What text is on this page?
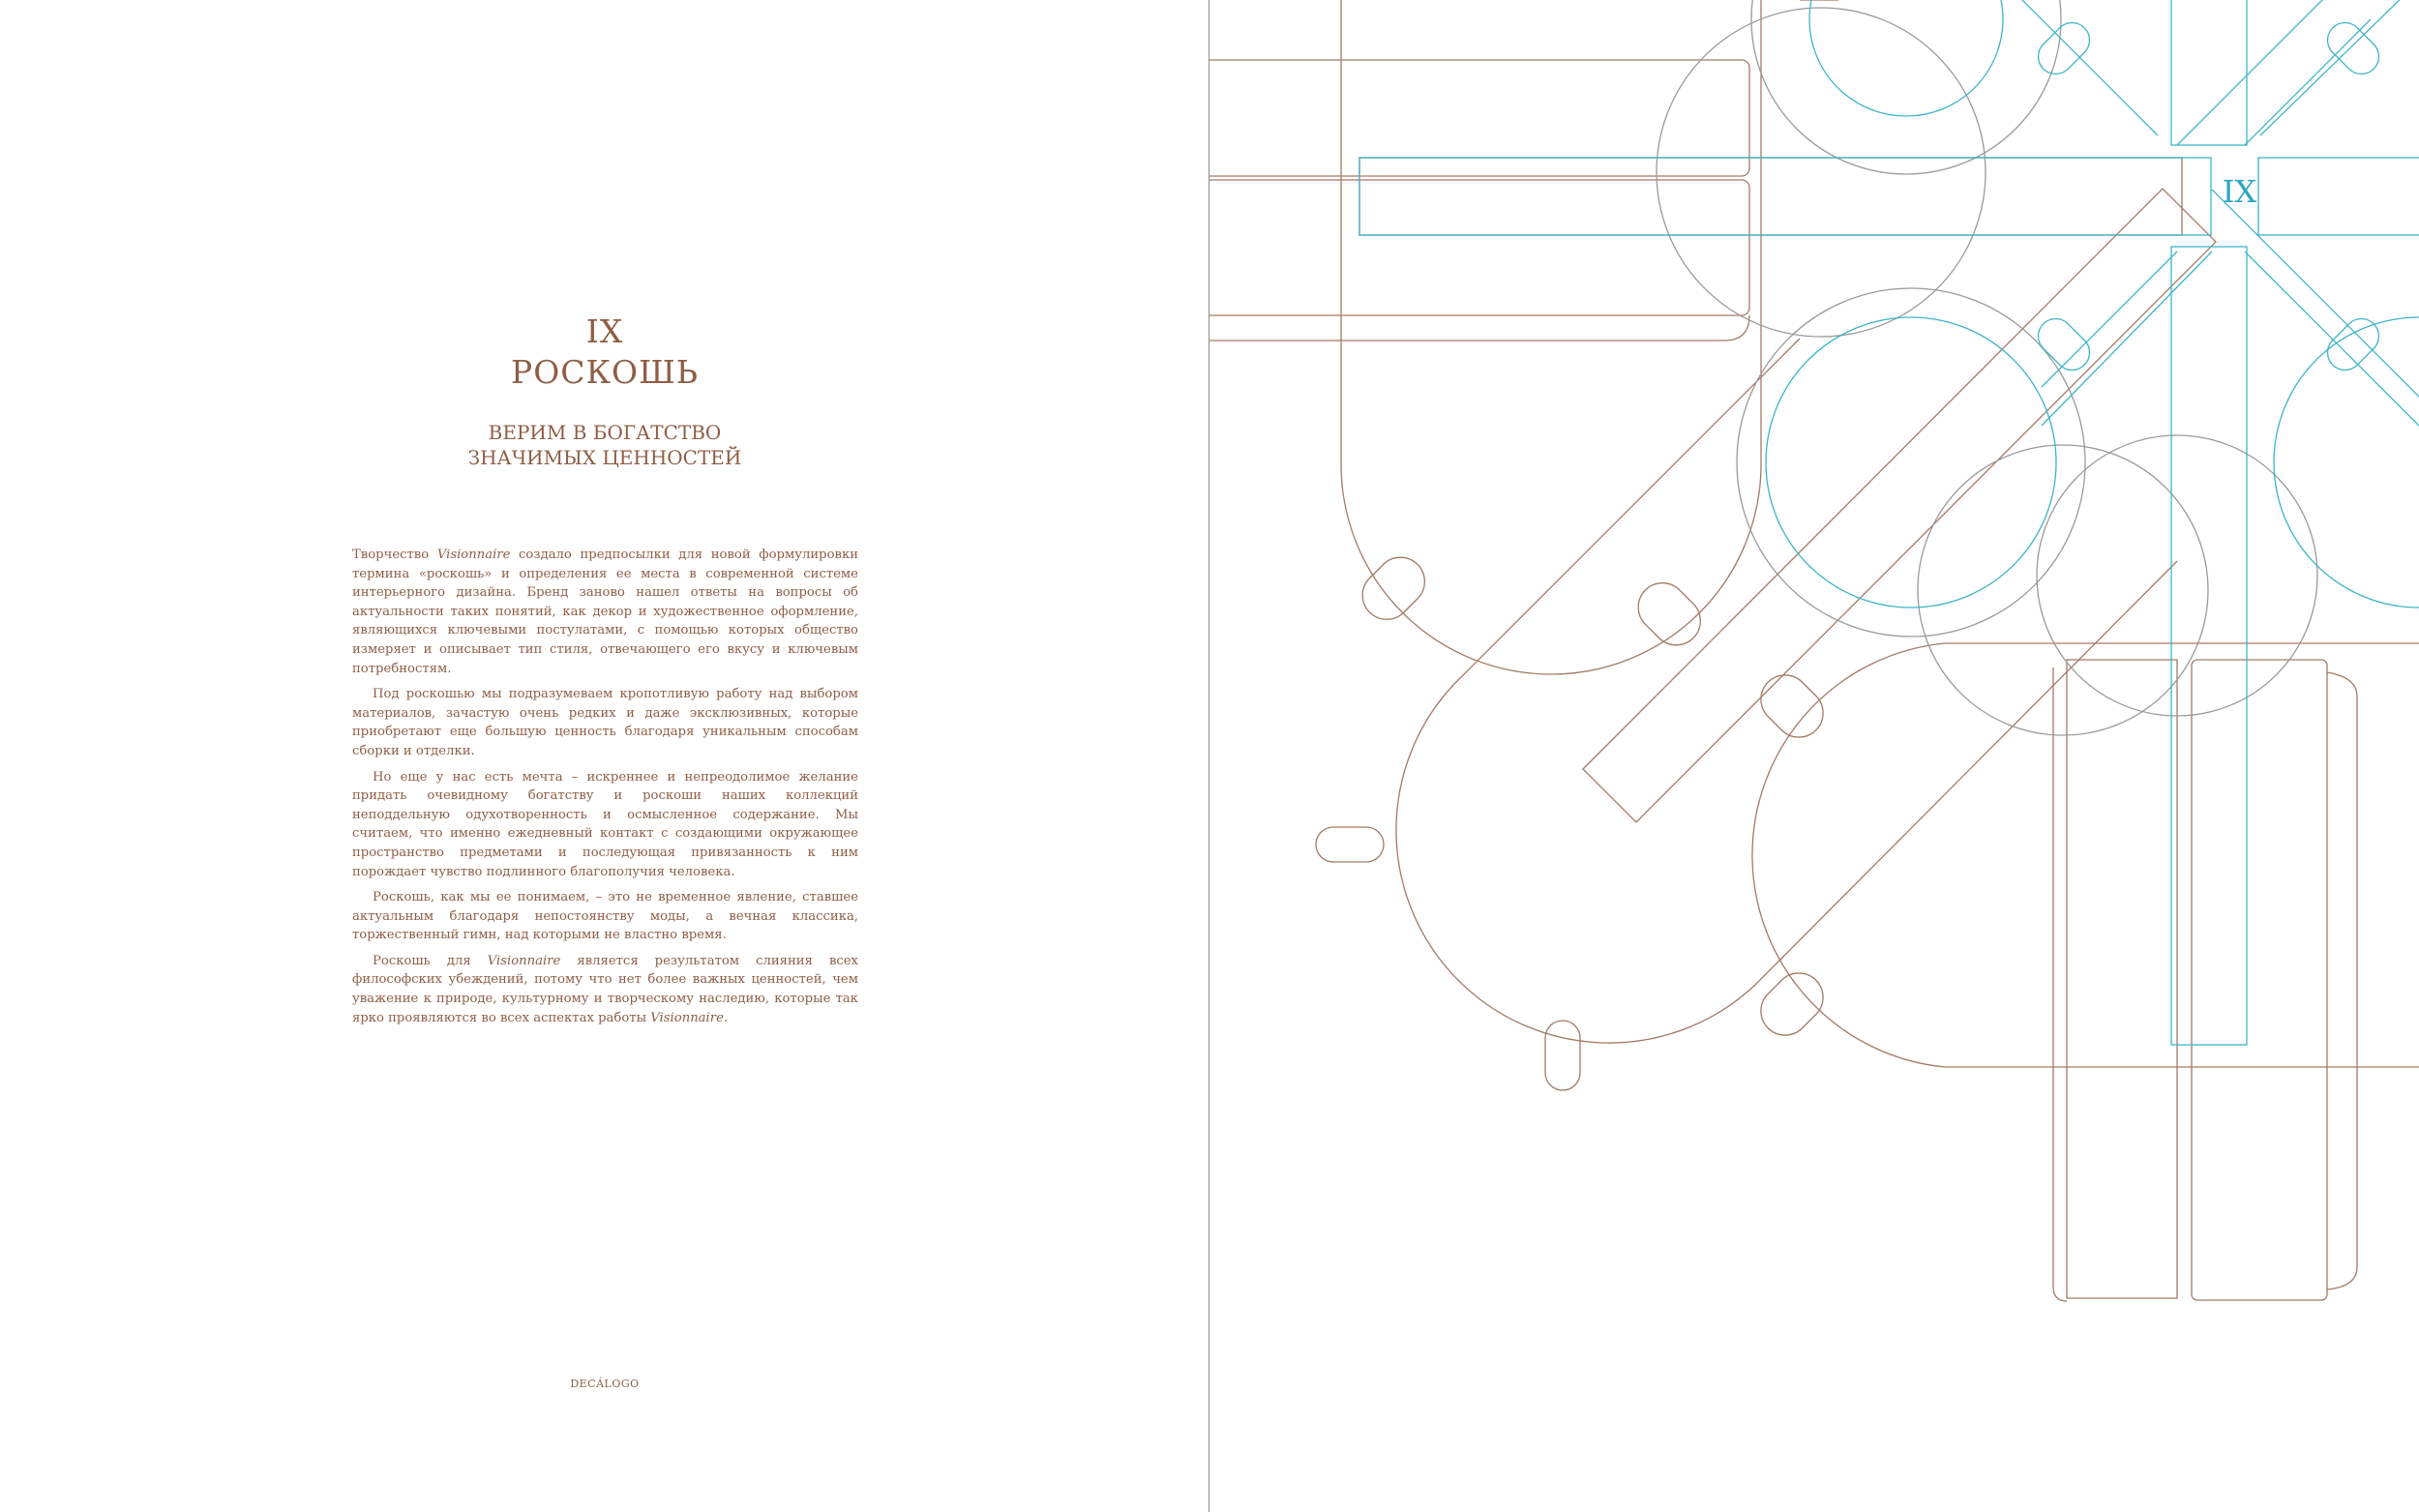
IX
РОСКОШЬ
ВЕРИМ В БОГАТСТВО
ЗНАЧИМЫХ ЦЕННОСТЕЙ

Творчество Visionnaire создало предпосылки для новой формулировки термина «роскошь» и определения ее места в современной системе интерьерного дизайна. Бренд заново нашел ответы на вопросы об актуальности таких понятий, как декор и художественное оформление, являющихся ключевыми постулатами, с помощью которых общество измеряет и описывает тип стиля, отвечающего его вкусу и ключевым потребностям.

Под роскошью мы подразумеваем кропотливую работу над выбором материалов, зачастую очень редких и даже эксклюзивных, которые приобретают еще большую ценность благодаря уникальным способам сборки и отделки.

Но еще у нас есть мечта – искреннее и непреодолимое желание придать очевидному богатству и роскоши наших коллекций неподдельную одухотворенность и осмысленное содержание. Мы считаем, что именно ежедневный контакт с создающими окружающее пространство предметами и последующая привязанность к ним порождает чувство подлинного благополучия человека.

Роскошь, как мы ее понимаем, – это не временное явление, ставшее актуальным благодаря непостоянству моды, а вечная классика, торжественный гимн, над которыми не властно время.

Роскошь для Visionnaire является результатом слияния всех философских убеждений, потому что нет более важных ценностей, чем уважение к природе, культурному и творческому наследию, которые так ярко проявляются во всех аспектах работы Visionnaire.

DECÁLOGO
IX
